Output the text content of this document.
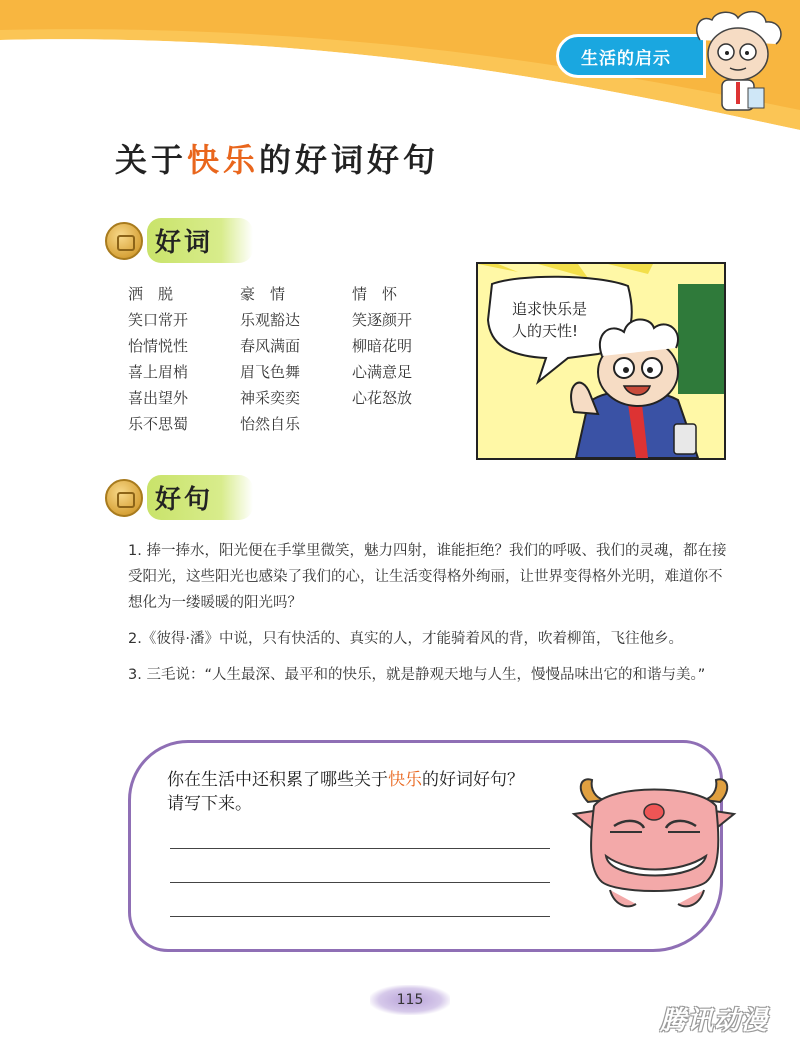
生活的启示
关于快乐的好词好句
好词
洒　脱	豪　情	情　怀
笑口常开	乐观豁达	笑逐颜开
怡情悦性	春风满面	柳暗花明
喜上眉梢	眉飞色舞	心满意足
喜出望外	神采奕奕	心花怒放
乐不思蜀	怡然自乐
追求快乐是
人的天性!
好句

1. 捧一捧水，阳光便在手掌里微笑，魅力四射，谁能拒绝？我们的呼吸、我们的灵魂，都在接受阳光，这些阳光也感染了我们的心，让生活变得格外绚丽，让世界变得格外光明，难道你不想化为一缕暖暖的阳光吗？

2.《彼得·潘》中说，只有快活的、真实的人，才能骑着风的背，吹着柳笛，飞往他乡。

3. 三毛说：“人生最深、最平和的快乐，就是静观天地与人生，慢慢品味出它的和谐与美。”

你在生活中还积累了哪些关于快乐的好词好句？
请写下来。
115
腾讯动漫
